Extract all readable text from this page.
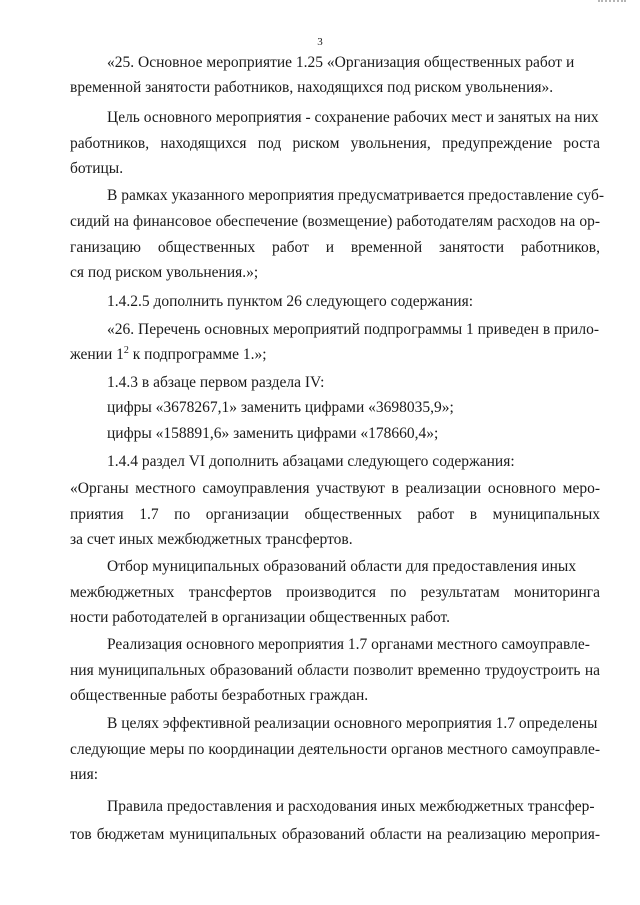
3
«25. Основное мероприятие 1.25 «Организация общественных работ и
временной занятости работников, находящихся под риском увольнения».
Цель основного мероприятия - сохранение рабочих мест и занятых на них
работников, находящихся под риском увольнения, предупреждение роста
ботицы.
В рамках указанного мероприятия предусматривается предоставление суб-
сидий на финансовое обеспечение (возмещение) работодателям расходов на ор-
ганизацию общественных работ и временной занятости работников,
ся под риском увольнения.»;
1.4.2.5 дополнить пунктом 26 следующего содержания:
«26. Перечень основных мероприятий подпрограммы 1 приведен в прило-
жении $1^2$ к подпрограмме 1.»;
1.4.3 в абзаце первом раздела IV:
цифры «3678267,1» заменить цифрами «3698035,9»;
цифры «158891,6» заменить цифрами «178660,4»;
1.4.4 раздел VI дополнить абзацами следующего содержания:
«Органы местного самоуправления участвуют в реализации основного меро-
приятия 1.7 по организации общественных работ в муниципальных
за счет иных межбюджетных трансфертов.
Отбор муниципальных образований области для предоставления иных
межбюджетных трансфертов производится по результатам мониторинга
ности работодателей в организации общественных работ.
Реализация основного мероприятия 1.7 органами местного самоуправле-
ния муниципальных образований области позволит временно трудоустроить на
общественные работы безработных граждан.
В целях эффективной реализации основного мероприятия 1.7 определены
следующие меры по координации деятельности органов местного самоуправле-
ния:
Правила предоставления и расходования иных межбюджетных трансфер-
тов бюджетам муниципальных образований области на реализацию мероприя-
